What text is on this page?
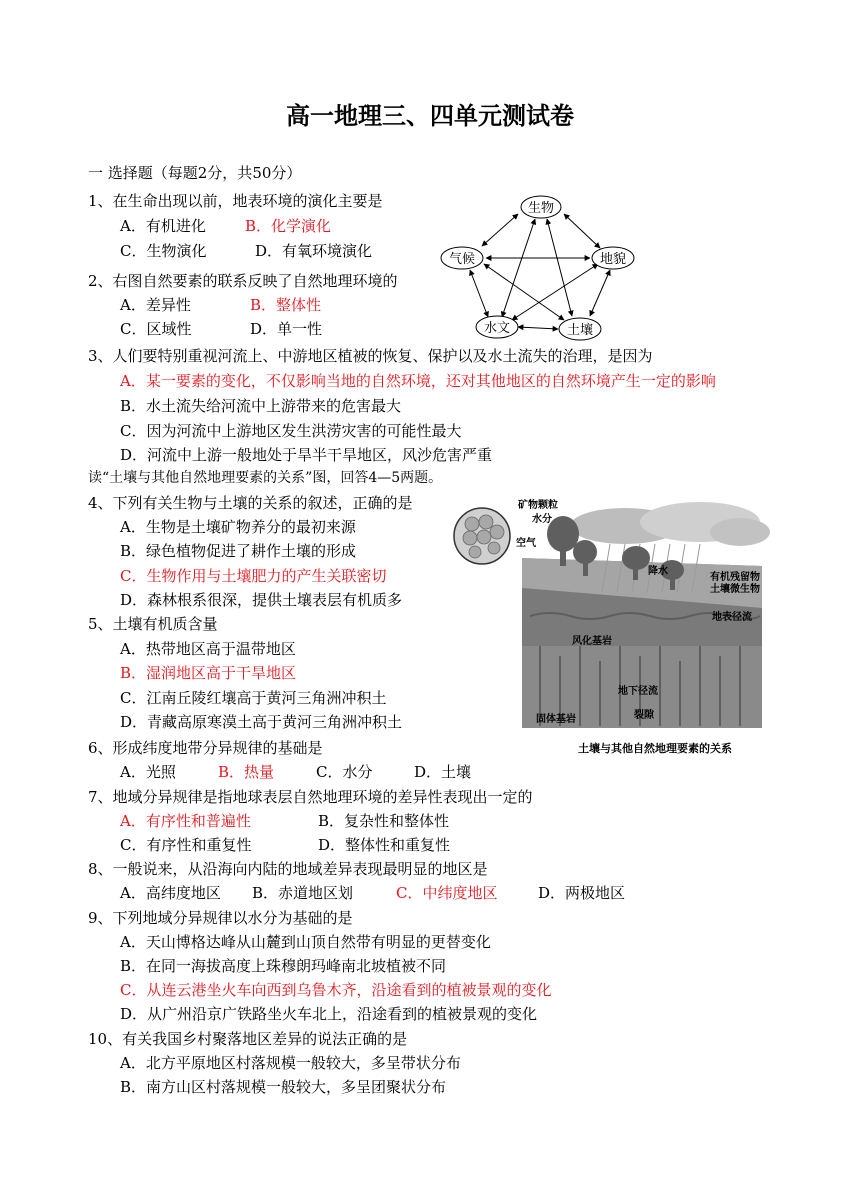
高一地理三、四单元测试卷
一 选择题（每题2分，共50分）
1、在生命出现以前，地表环境的演化主要是
A．有机进化	B．化学演化
C．生物演化	D．有氧环境演化
2、右图自然要素的联系反映了自然地理环境的
A．差异性	B．整体性
C．区域性	D．单一性
生物
气候	地貌
水文	土壤
3、人们要特别重视河流上、中游地区植被的恢复、保护以及水土流失的治理，是因为
A．某一要素的变化，不仅影响当地的自然环境，还对其他地区的自然环境产生一定的影响
B．水土流失给河流中上游带来的危害最大
C．因为河流中上游地区发生洪涝灾害的可能性最大
D．河流中上游一般地处于旱半干旱地区，风沙危害严重
读“土壤与其他自然地理要素的关系”图，回答4—5两题。
4、下列有关生物与土壤的关系的叙述，正确的是
A．生物是土壤矿物养分的最初来源
B．绿色植物促进了耕作土壤的形成
C．生物作用与土壤肥力的产生关联密切
D．森林根系很深，提供土壤表层有机质多
5、土壤有机质含量
A．热带地区高于温带地区
B．湿润地区高于干旱地区
C．江南丘陵红壤高于黄河三角洲冲积土
D．青藏高原寒漠土高于黄河三角洲冲积土
矿物颗粒
水分
空气
降水
有机残留物
土壤微生物
地表径流
风化基岩
地下径流
裂隙
固体基岩
土壤与其他自然地理要素的关系
6、形成纬度地带分异规律的基础是
A．光照	B．热量	C．水分	D．土壤
7、地域分异规律是指地球表层自然地理环境的差异性表现出一定的
A．有序性和普遍性	B．复杂性和整体性
C．有序性和重复性	D．整体性和重复性
8、一般说来，从沿海向内陆的地域差异表现最明显的地区是
A．高纬度地区 B．赤道地区划	C．中纬度地区	D．两极地区
9、下列地域分异规律以水分为基础的是
A．天山博格达峰从山麓到山顶自然带有明显的更替变化
B．在同一海拔高度上珠穆朗玛峰南北坡植被不同
C．从连云港坐火车向西到乌鲁木齐，沿途看到的植被景观的变化
D．从广州沿京广铁路坐火车北上，沿途看到的植被景观的变化
10、有关我国乡村聚落地区差异的说法正确的是
A．北方平原地区村落规模一般较大，多呈带状分布
B．南方山区村落规模一般较大，多呈团聚状分布
